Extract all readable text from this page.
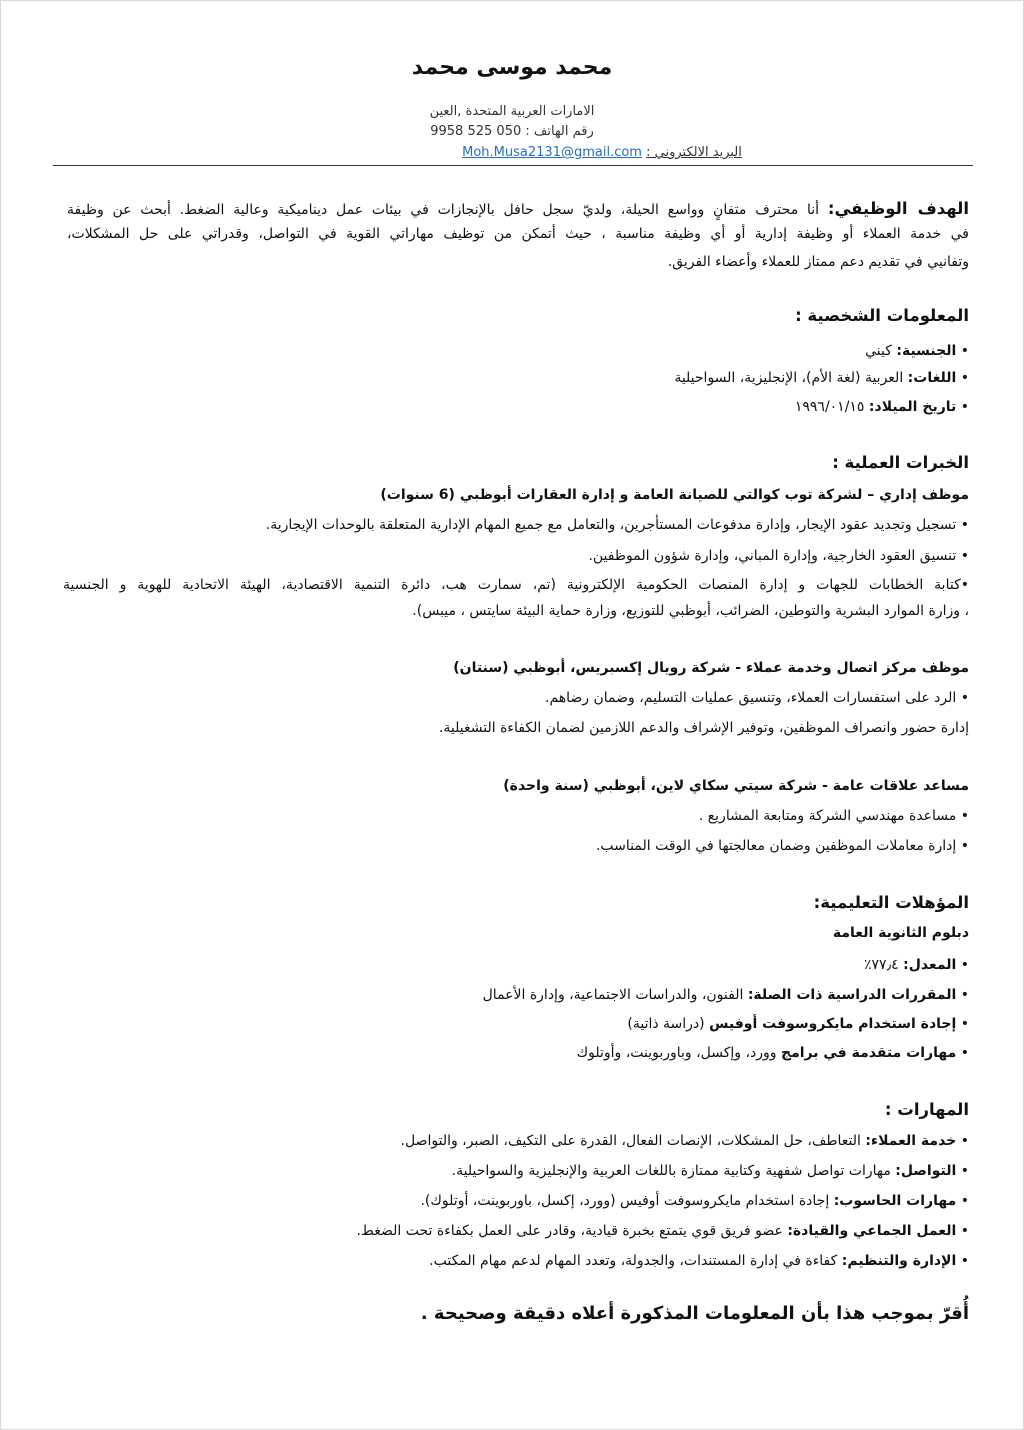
محمد موسى محمد
الامارات العربية المتحدة ,العين
رقم الهاتف : 050 525 9958
البريد الالكتروني : Moh.Musa2131@gmail.com
الهدف الوظيفي: أنا محترف متفانٍ وواسع الحيلة، ولديّ سجل حافل بالإنجازات في بيئات عمل ديناميكية وعالية الضغط. أبحث عن وظيفة
في خدمة العملاء أو وظيفة إدارية أو أي وظيفة مناسبة ، حيث أتمكن من توظيف مهاراتي القوية في التواصل، وقدراتي على حل المشكلات،
وتفانيي في تقديم دعم ممتاز للعملاء وأعضاء الفريق.
المعلومات الشخصية :
• الجنسية: كيني
• اللغات: العربية (لغة الأم)، الإنجليزية، السواحيلية
• تاريخ الميلاد: ١٩٩٦/٠١/١٥
الخبرات العملية :
موظف إداري – لشركة توب كوالتي للصيانة العامة و إدارة العقارات أبوظبي (6 سنوات)
• تسجيل وتجديد عقود الإيجار، وإدارة مدفوعات المستأجرين، والتعامل مع جميع المهام الإدارية المتعلقة بالوحدات الإيجارية.
• تنسيق العقود الخارجية، وإدارة المباني، وإدارة شؤون الموظفين.
•كتابة الخطابات للجهات و إدارة المنصات الحكومية الإلكترونية (تم، سمارت هب، دائرة التنمية الاقتصادية، الهيئة الاتحادية للهوية و الجنسية
، وزارة الموارد البشرية والتوطين، الضرائب، أبوظبي للتوزيع، وزارة حماية البيئة سايتس ، ميبس).
موظف مركز اتصال وخدمة عملاء - شركة رويال إكسبريس، أبوظبي (سنتان)
• الرد على استفسارات العملاء، وتنسيق عمليات التسليم، وضمان رضاهم.
إدارة حضور وانصراف الموظفين، وتوفير الإشراف والدعم اللازمين لضمان الكفاءة التشغيلية.
مساعد علاقات عامة - شركة سيتي سكاي لاين، أبوظبي (سنة واحدة)
• مساعدة مهندسي الشركة ومتابعة المشاريع .
• إدارة معاملات الموظفين وضمان معالجتها في الوقت المناسب.
المؤهلات التعليمية:
دبلوم الثانوية العامة
• المعدل: ٧٧٫٤٪
• المقررات الدراسية ذات الصلة: الفنون، والدراسات الاجتماعية، وإدارة الأعمال
• إجادة استخدام مايكروسوفت أوفيس (دراسة ذاتية)
• مهارات متقدمة في برامج وورد، وإكسل، وباوربوينت، وأوتلوك
المهارات :
• خدمة العملاء: التعاطف، حل المشكلات، الإنصات الفعال، القدرة على التكيف، الصبر، والتواصل.
• التواصل: مهارات تواصل شفهية وكتابية ممتازة باللغات العربية والإنجليزية والسواحيلية.
• مهارات الحاسوب: إجادة استخدام مايكروسوفت أوفيس (وورد، إكسل، باوربوينت، أوتلوك).
• العمل الجماعي والقيادة: عضو فريق قوي يتمتع بخبرة قيادية، وقادر على العمل بكفاءة تحت الضغط.
• الإدارة والتنظيم: كفاءة في إدارة المستندات، والجدولة، وتعدد المهام لدعم مهام المكتب.
أُقرّ بموجب هذا بأن المعلومات المذكورة أعلاه دقيقة وصحيحة .
